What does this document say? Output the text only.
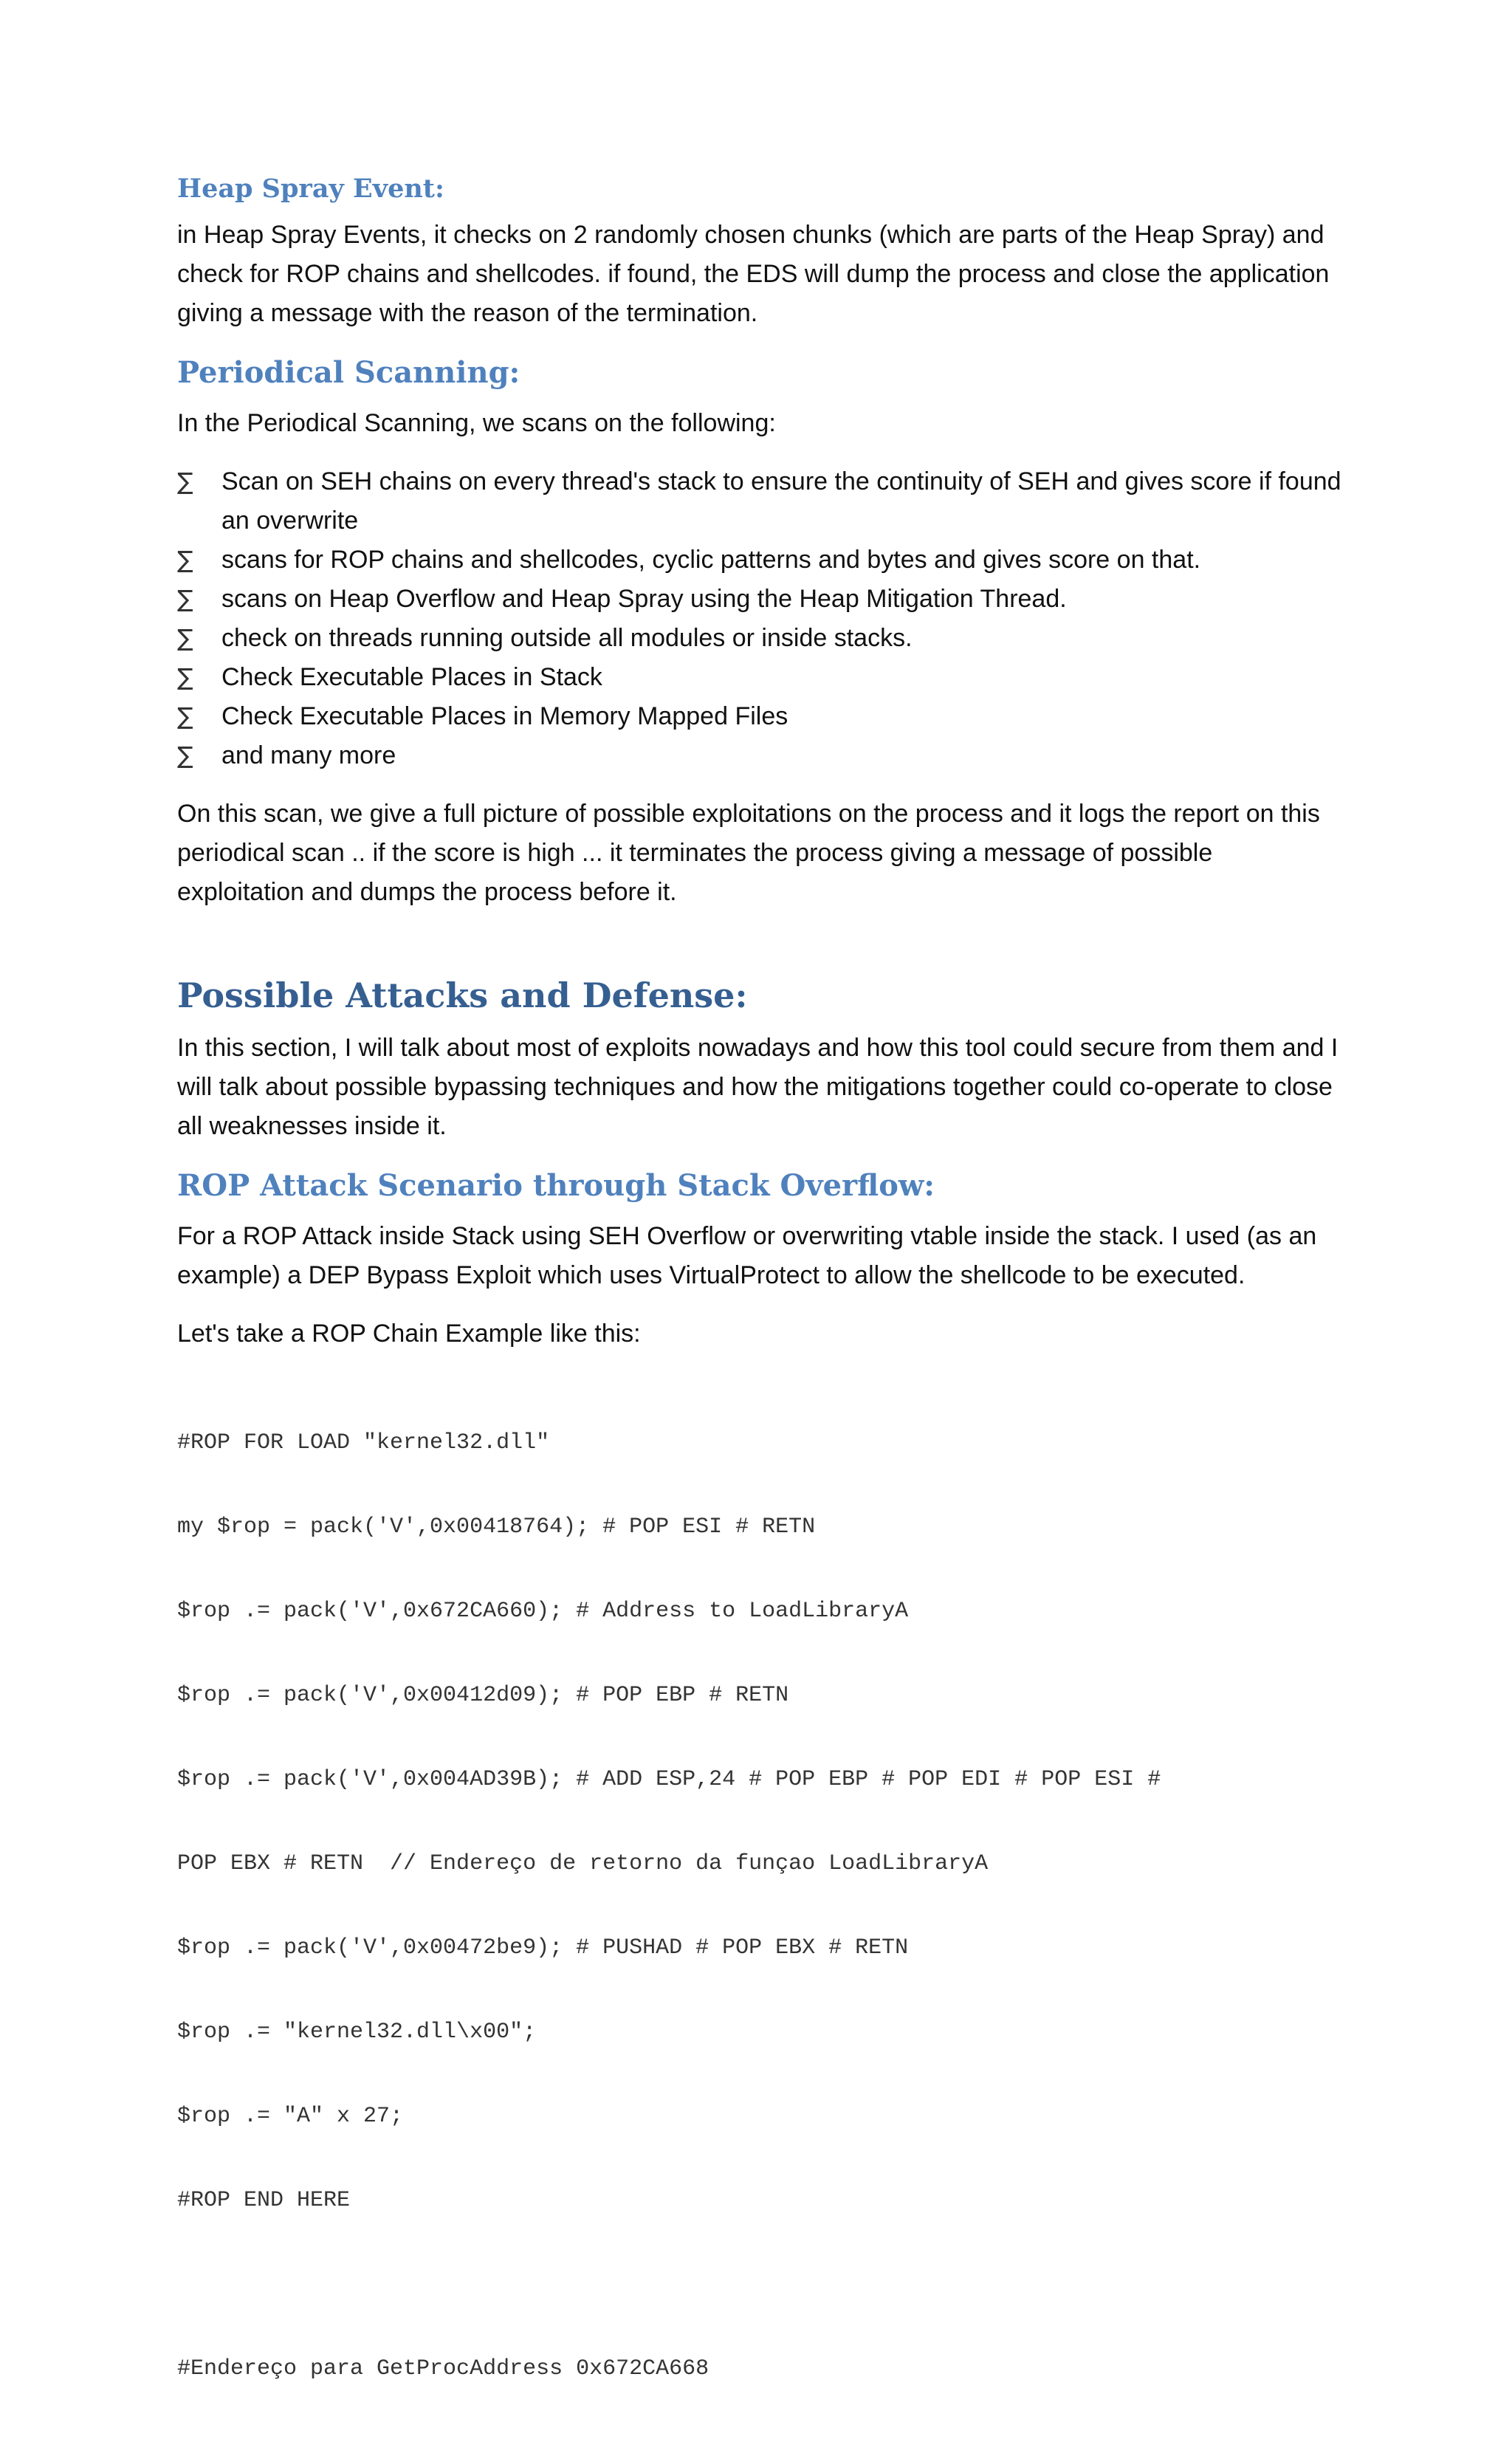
Heap Spray Event:

in Heap Spray Events, it checks on 2 randomly chosen chunks (which are parts of the Heap Spray) and check for ROP chains and shellcodes. if found, the EDS will dump the process and close the application giving a message with the reason of the termination.

Periodical Scanning:

In the Periodical Scanning, we scans on the following:

∑	Scan on SEH chains on every thread's stack to ensure the continuity of SEH and gives score if found an overwrite
∑	scans for ROP chains and shellcodes, cyclic patterns and bytes and gives score on that.
∑	scans on Heap Overflow and Heap Spray using the Heap Mitigation Thread.
∑	check on threads running outside all modules or inside stacks.
∑	Check Executable Places in Stack
∑	Check Executable Places in Memory Mapped Files
∑	and many more

On this scan, we give a full picture of possible exploitations on the process and it logs the report on this periodical scan .. if the score is high ... it terminates the process giving a message of possible exploitation and dumps the process before it.

Possible Attacks and Defense:

In this section, I will talk about most of exploits nowadays and how this tool could secure from them and I will talk about possible bypassing techniques and how the mitigations together could co-operate to close all weaknesses inside it.

ROP Attack Scenario through Stack Overflow:

For a ROP Attack inside Stack using SEH Overflow or overwriting vtable inside the stack. I used (as an example) a DEP Bypass Exploit which uses VirtualProtect to allow the shellcode to be executed.

Let's take a ROP Chain Example like this:

#ROP FOR LOAD "kernel32.dll"

my $rop = pack('V',0x00418764); # POP ESI # RETN

$rop .= pack('V',0x672CA660); # Address to LoadLibraryA

$rop .= pack('V',0x00412d09); # POP EBP # RETN

$rop .= pack('V',0x004AD39B); # ADD ESP,24 # POP EBP # POP EDI # POP ESI #

POP EBX # RETN  // Endereço de retorno da funçao LoadLibraryA

$rop .= pack('V',0x00472be9); # PUSHAD # POP EBX # RETN

$rop .= "kernel32.dll\x00";

$rop .= "A" x 27;

#ROP END HERE

#Endereço para GetProcAddress 0x672CA668
